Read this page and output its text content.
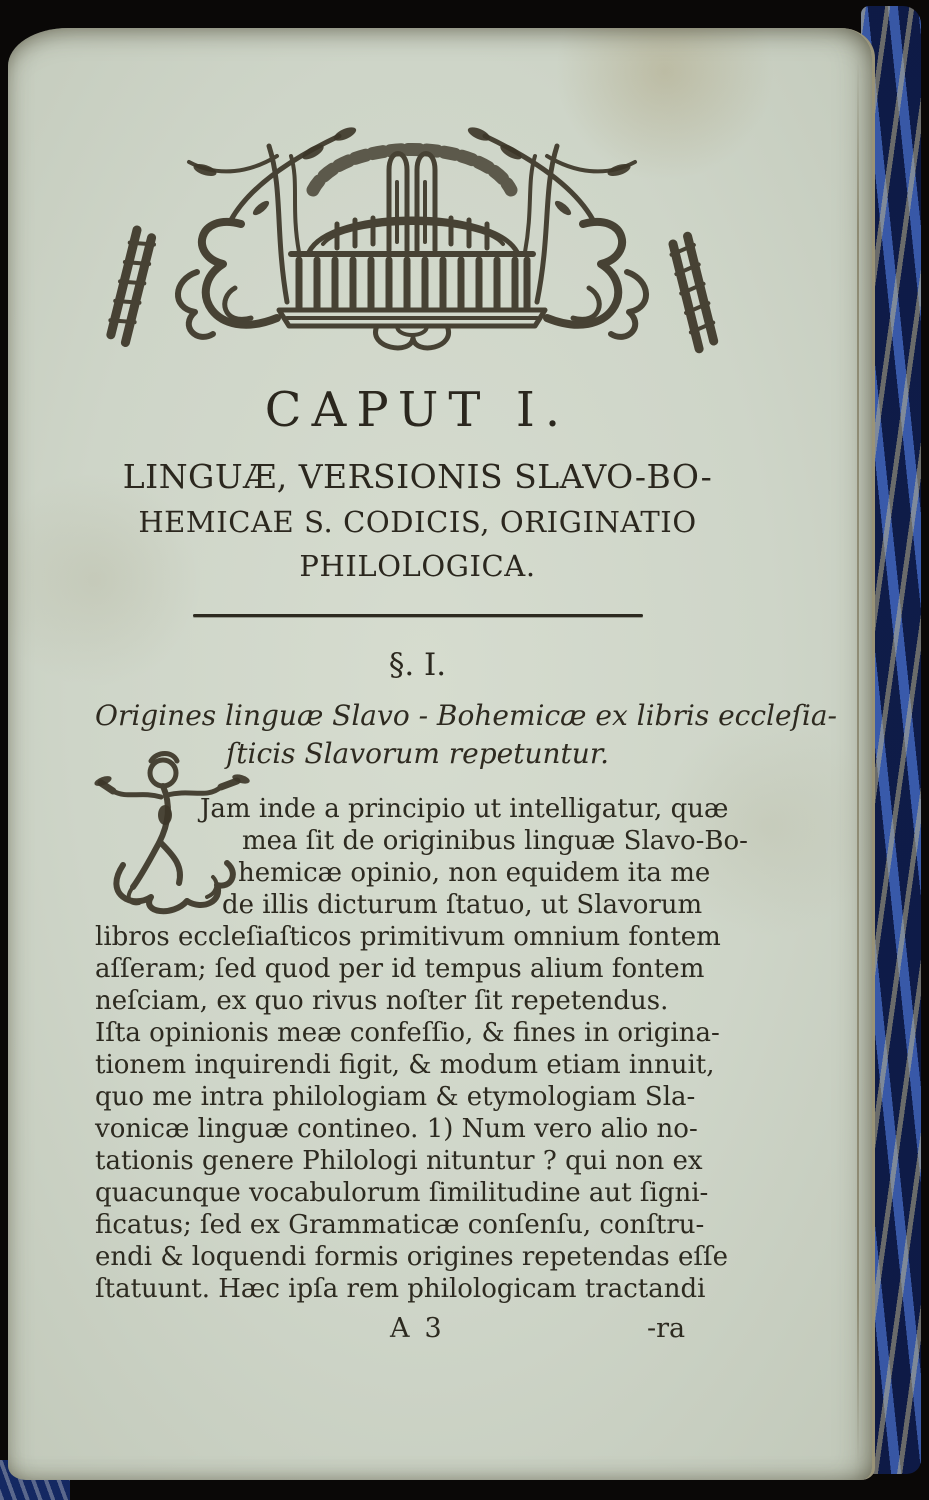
CAPUT I.
LINGUÆ, VERSIONIS SLAVO-BO-
HEMICAE S. CODICIS, ORIGINATIO
PHILOLOGICA.
§. I.
Origines linguæ Slavo - Bohemicæ ex libris eccleſia-
ſticis Slavorum repetuntur.
Jam inde a principio ut intelligatur, quæ
mea ſit de originibus linguæ Slavo-Bo-
hemicæ opinio, non equidem ita me
de illis dicturum ſtatuo, ut Slavorum
libros eccleſiaſticos primitivum omnium fontem
aſſeram; ſed quod per id tempus alium fontem
neſciam, ex quo rivus noſter ſit repetendus.
Iſta opinionis meæ confeſſio, & fines in origina-
tionem inquirendi figit, & modum etiam innuit,
quo me intra philologiam & etymologiam Sla-
vonicæ linguæ contineo. 1) Num vero alio no-
tationis genere Philologi nituntur ? qui non ex
quacunque vocabulorum ſimilitudine aut ſigni-
ficatus; ſed ex Grammaticæ conſenſu, conſtru-
endi & loquendi formis origines repetendas eſſe
ſtatuunt. Hæc ipſa rem philologicam tractandi
A 3	-ra
